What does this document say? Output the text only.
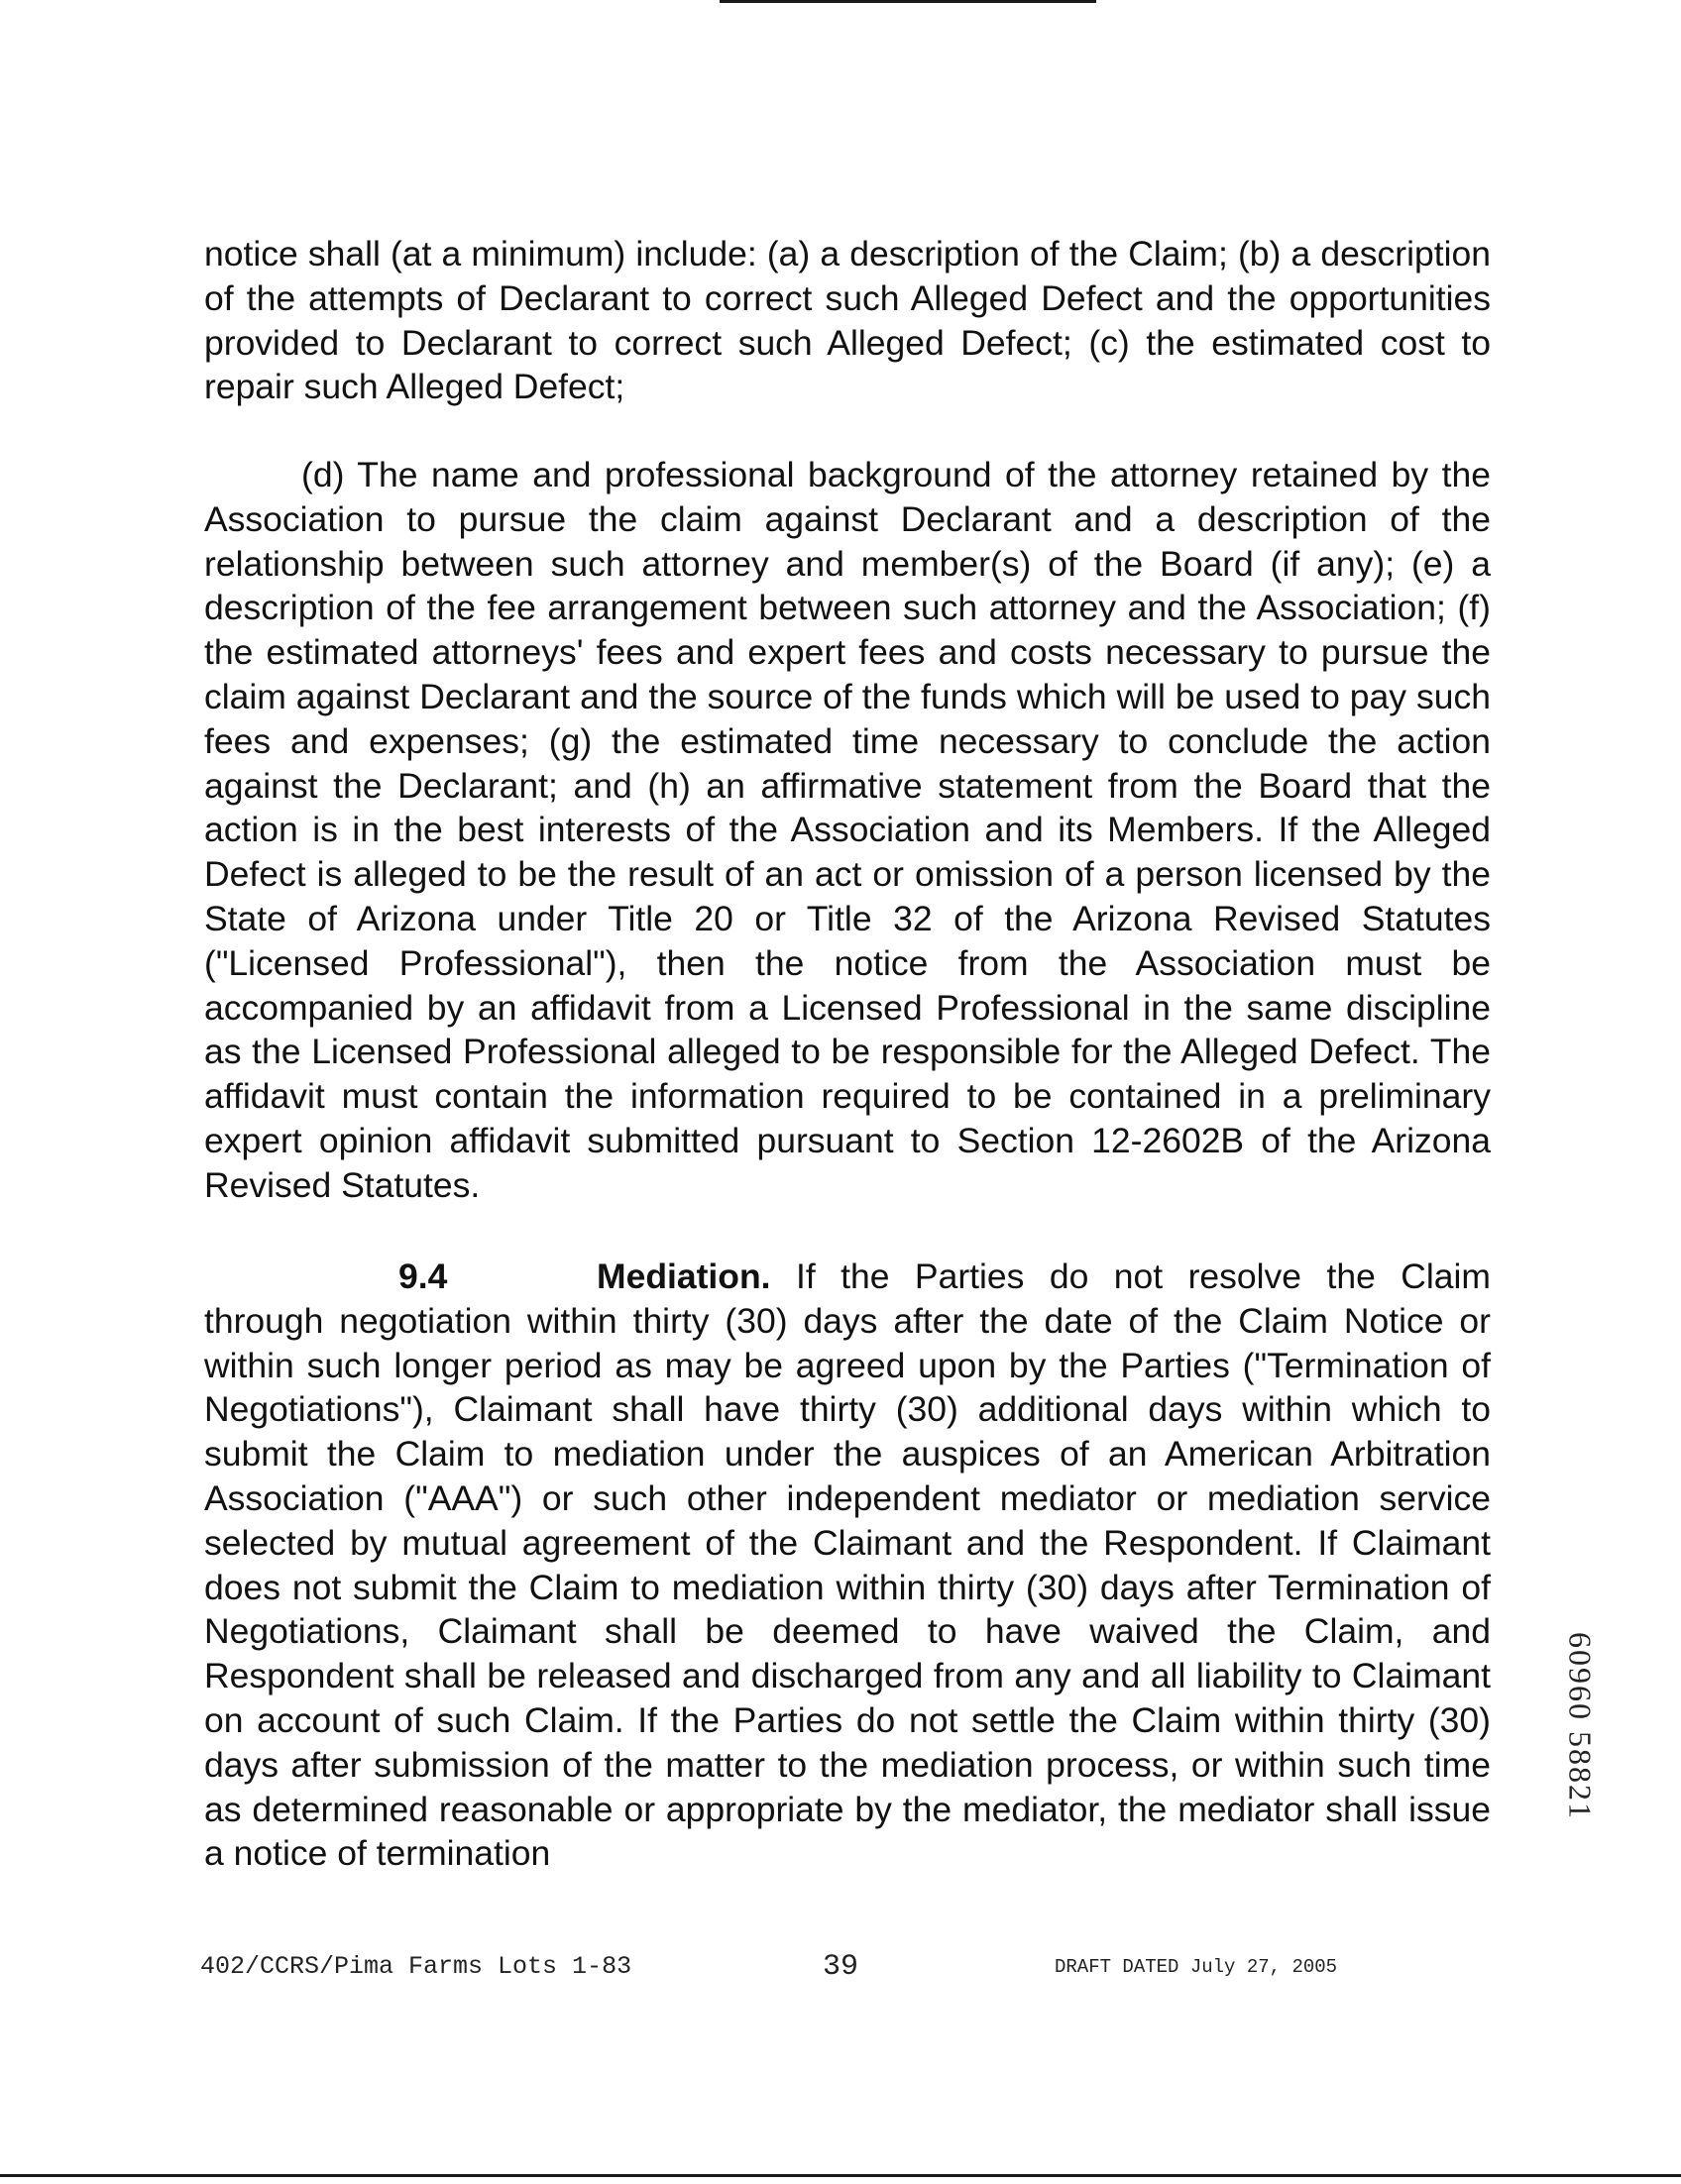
notice shall (at a minimum) include: (a) a description of the Claim; (b) a description of the attempts of Declarant to correct such Alleged Defect and the opportunities provided to Declarant to correct such Alleged Defect; (c) the estimated cost to repair such Alleged Defect;

(d) The name and professional background of the attorney retained by the Association to pursue the claim against Declarant and a description of the relationship between such attorney and member(s) of the Board (if any); (e) a description of the fee arrangement between such attorney and the Association; (f) the estimated attorneys' fees and expert fees and costs necessary to pursue the claim against Declarant and the source of the funds which will be used to pay such fees and expenses; (g) the estimated time necessary to conclude the action against the Declarant; and (h) an affirmative statement from the Board that the action is in the best interests of the Association and its Members. If the Alleged Defect is alleged to be the result of an act or omission of a person licensed by the State of Arizona under Title 20 or Title 32 of the Arizona Revised Statutes ("Licensed Professional"), then the notice from the Association must be accompanied by an affidavit from a Licensed Professional in the same discipline as the Licensed Professional alleged to be responsible for the Alleged Defect. The affidavit must contain the information required to be contained in a preliminary expert opinion affidavit submitted pursuant to Section 12-2602B of the Arizona Revised Statutes.

9.4	Mediation. If the Parties do not resolve the Claim through negotiation within thirty (30) days after the date of the Claim Notice or within such longer period as may be agreed upon by the Parties ("Termination of Negotiations"), Claimant shall have thirty (30) additional days within which to submit the Claim to mediation under the auspices of an American Arbitration Association ("AAA") or such other independent mediator or mediation service selected by mutual agreement of the Claimant and the Respondent. If Claimant does not submit the Claim to mediation within thirty (30) days after Termination of Negotiations, Claimant shall be deemed to have waived the Claim, and Respondent shall be released and discharged from any and all liability to Claimant on account of such Claim. If the Parties do not settle the Claim within thirty (30) days after submission of the matter to the mediation process, or within such time as determined reasonable or appropriate by the mediator, the mediator shall issue a notice of termination

60960 58821
402/CCRS/Pima Farms Lots 1-83	39	DRAFT DATED July 27, 2005
